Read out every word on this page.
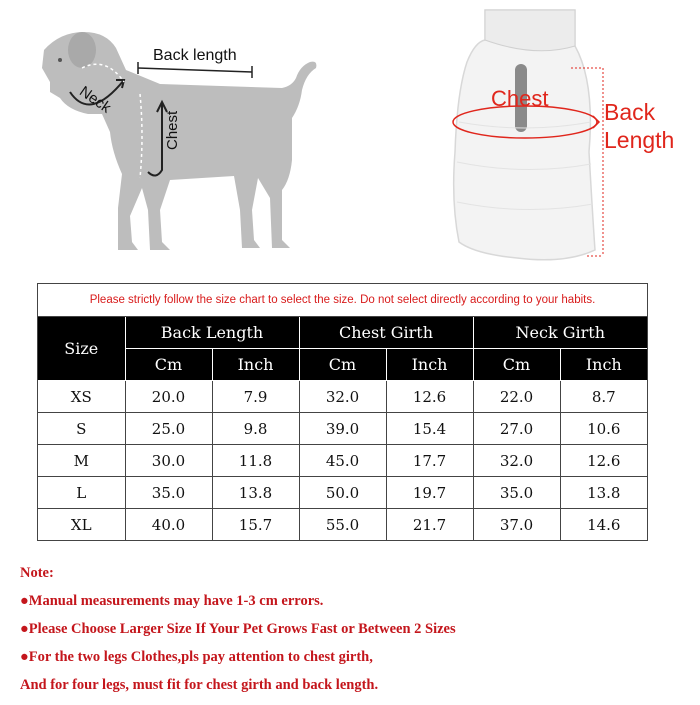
Back length
Neck
Chest
Chest
Back Length
Please strictly follow the size chart to select the size. Do not select directly according to your habits.
Size	Back Length		Chest Girth		Neck Girth	
	Cm	Inch	Cm	Inch	Cm	Inch
XS	20.0	7.9	32.0	12.6	22.0	8.7
S	25.0	9.8	39.0	15.4	27.0	10.6
M	30.0	11.8	45.0	17.7	32.0	12.6
L	35.0	13.8	50.0	19.7	35.0	13.8
XL	40.0	15.7	55.0	21.7	37.0	14.6
Note:
●Manual measurements may have 1-3 cm errors.
●Please Choose Larger Size If Your Pet Grows Fast or Between 2 Sizes
●For the two legs Clothes,pls pay attention to chest girth,
And for four legs, must fit for chest girth and back length.
